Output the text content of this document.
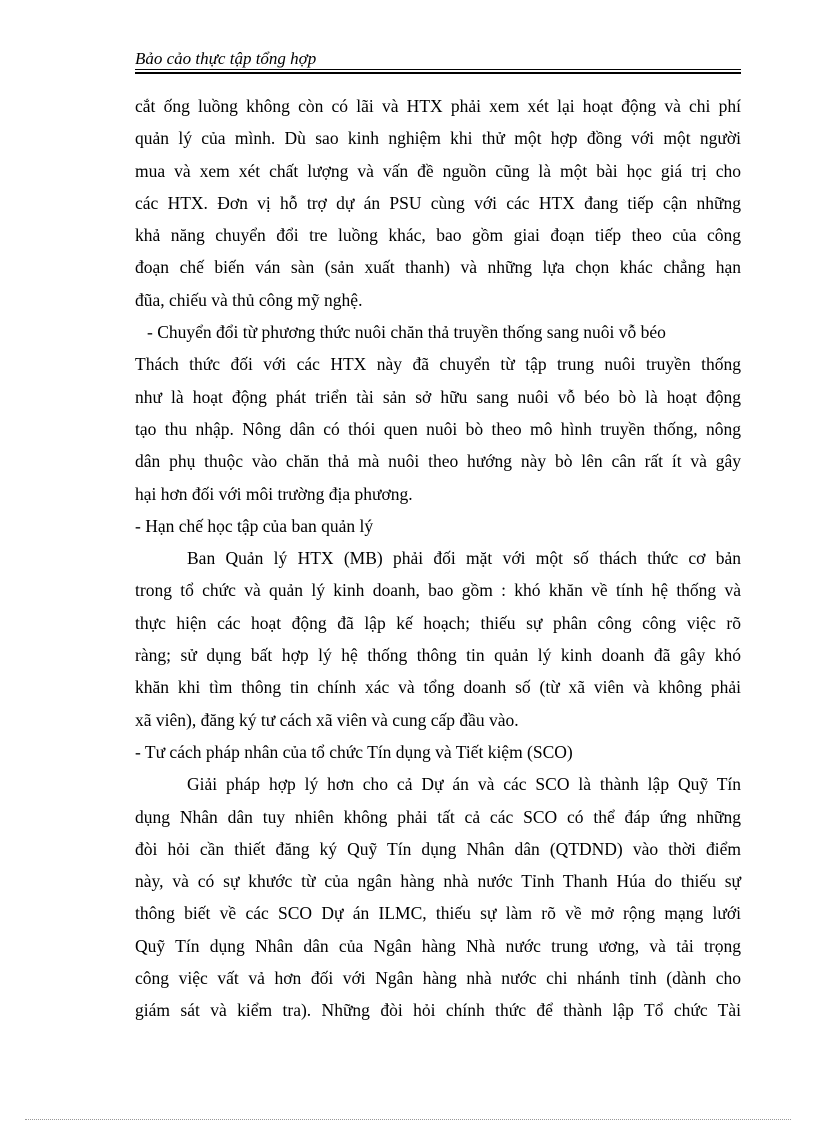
Bảo cảo thực tập tổng hợp
cắt ống luồng không còn có lãi và HTX phải xem xét lại hoạt động và chi phí
quản lý của mình. Dù sao kinh nghiệm khi thử một hợp đồng với một người
mua và xem xét chất lượng và vấn đề nguồn cũng là một bài học giá trị cho
các HTX. Đơn vị hỗ trợ dự án PSU cùng với các HTX đang tiếp cận những
khả năng chuyển đổi tre luồng khác, bao gồm giai đoạn tiếp theo của công
đoạn chế biến ván sàn (sản xuất thanh) và những lựa chọn khác chẳng hạn
đũa, chiếu và thủ công mỹ nghệ.
- Chuyển đổi từ phương thức nuôi chăn thả truyền thống sang nuôi vỗ béo
Thách thức đối với các HTX này đã chuyển từ tập trung nuôi truyền thống
như là hoạt động phát triển tài sản sở hữu sang nuôi vỗ béo bò là hoạt động
tạo thu nhập. Nông dân có thói quen nuôi bò theo mô hình truyền thống, nông
dân phụ thuộc vào chăn thả mà nuôi theo hướng này bò lên cân rất ít và gây
hại hơn đối với môi trường địa phương.
- Hạn chế học tập của ban quản lý
Ban Quản lý HTX (MB) phải đối mặt với một số thách thức cơ bản
trong tổ chức và quản lý kinh doanh, bao gồm : khó khăn về tính hệ thống và
thực hiện các hoạt động đã lập kế hoạch; thiếu sự phân công công việc rõ
ràng; sử dụng bất hợp lý hệ thống thông tin quản lý kinh doanh đã gây khó
khăn khi tìm thông tin chính xác và tổng doanh số (từ xã viên và không phải
xã viên), đăng ký tư cách xã viên và cung cấp đầu vào.
- Tư cách pháp nhân của tổ chức Tín dụng và Tiết kiệm (SCO)
Giải pháp hợp lý hơn cho cả Dự án và các SCO là thành lập Quỹ Tín
dụng Nhân dân tuy nhiên không phải tất cả các SCO có thể đáp ứng những
đòi hỏi cần thiết đăng ký Quỹ Tín dụng Nhân dân (QTDND) vào thời điểm
này, và có sự khước từ của ngân hàng nhà nước Tỉnh Thanh Húa do thiếu sự
thông biết về các SCO Dự án ILMC, thiếu sự làm rõ về mở rộng mạng lưới
Quỹ Tín dụng Nhân dân của Ngân hàng Nhà nước trung ương, và tải trọng
công việc vất vả hơn đối với Ngân hàng nhà nước chi nhánh tỉnh (dành cho
giám sát và kiểm tra). Những đòi hỏi chính thức để thành lập Tổ chức Tài
